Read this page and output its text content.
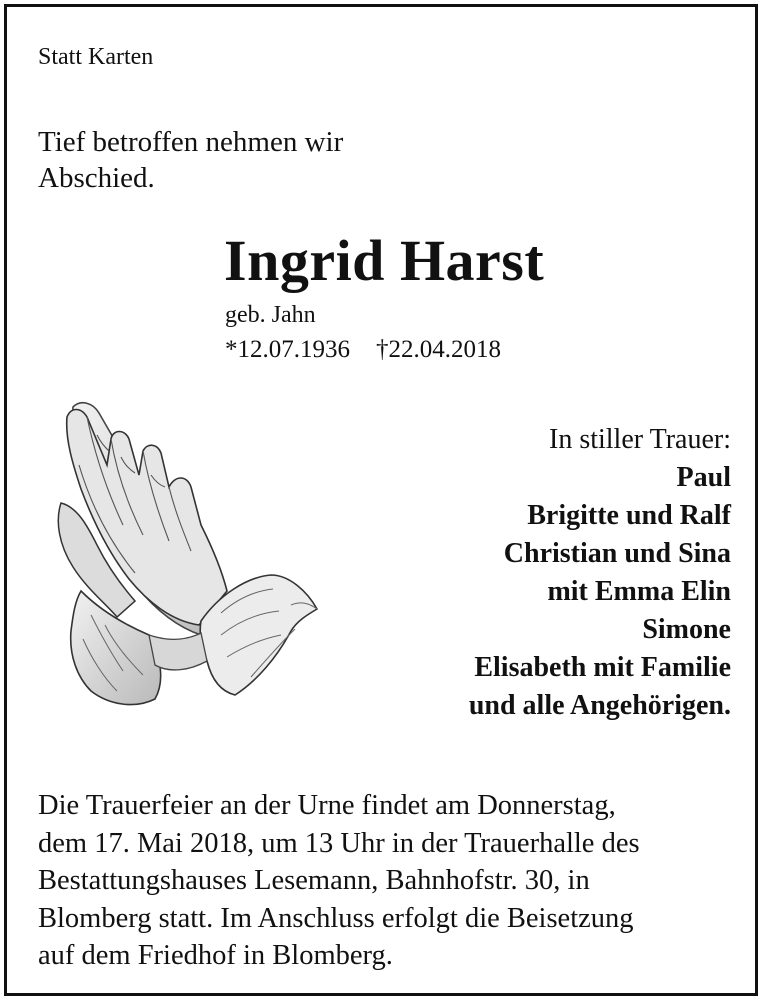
Statt Karten
Tief betroffen nehmen wir
Abschied.
Ingrid Harst
geb. Jahn
*12.07.1936 †22.04.2018
In stiller Trauer:
Paul
Brigitte und Ralf
Christian und Sina
mit Emma Elin
Simone
Elisabeth mit Familie
und alle Angehörigen.
Die Trauerfeier an der Urne findet am Donnerstag,
dem 17. Mai 2018, um 13 Uhr in der Trauerhalle des
Bestattungshauses Lesemann, Bahnhofstr. 30, in
Blomberg statt. Im Anschluss erfolgt die Beisetzung
auf dem Friedhof in Blomberg.
